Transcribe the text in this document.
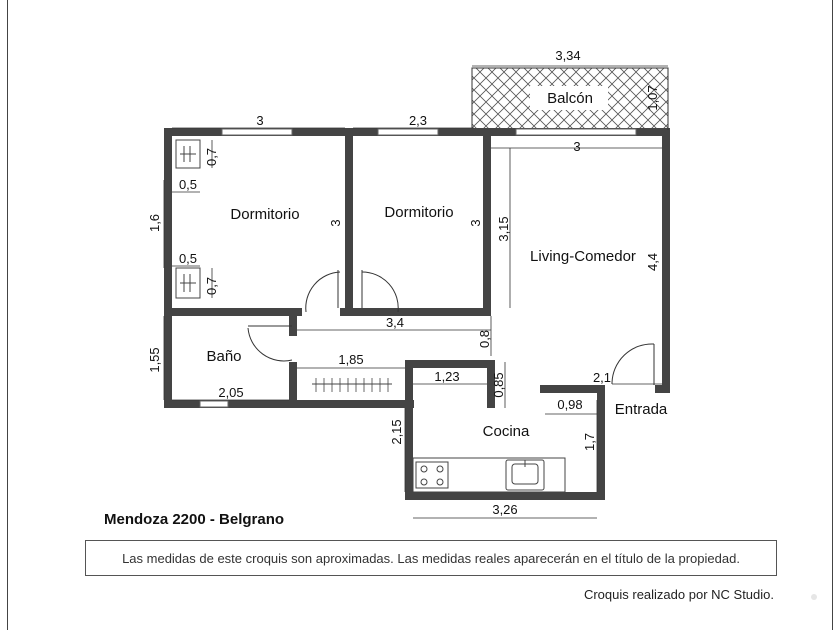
Dormitorio	Dormitorio
Living-Comedor
Baño
Cocina
Balcón
Entrada
3,34
1,07
3	2,3
3
3,15
4,4
3	3
0,7
0,5
0,5
0,7
1,6
3,4
0,8
1,55
2,05
1,85
1,23 0,85	2,1
0,98
1,7
2,15
3,26
Mendoza 2200 - Belgrano
Las medidas de este croquis son aproximadas. Las medidas reales aparecerán en el título de la propiedad.
Croquis realizado por NC Studio.
